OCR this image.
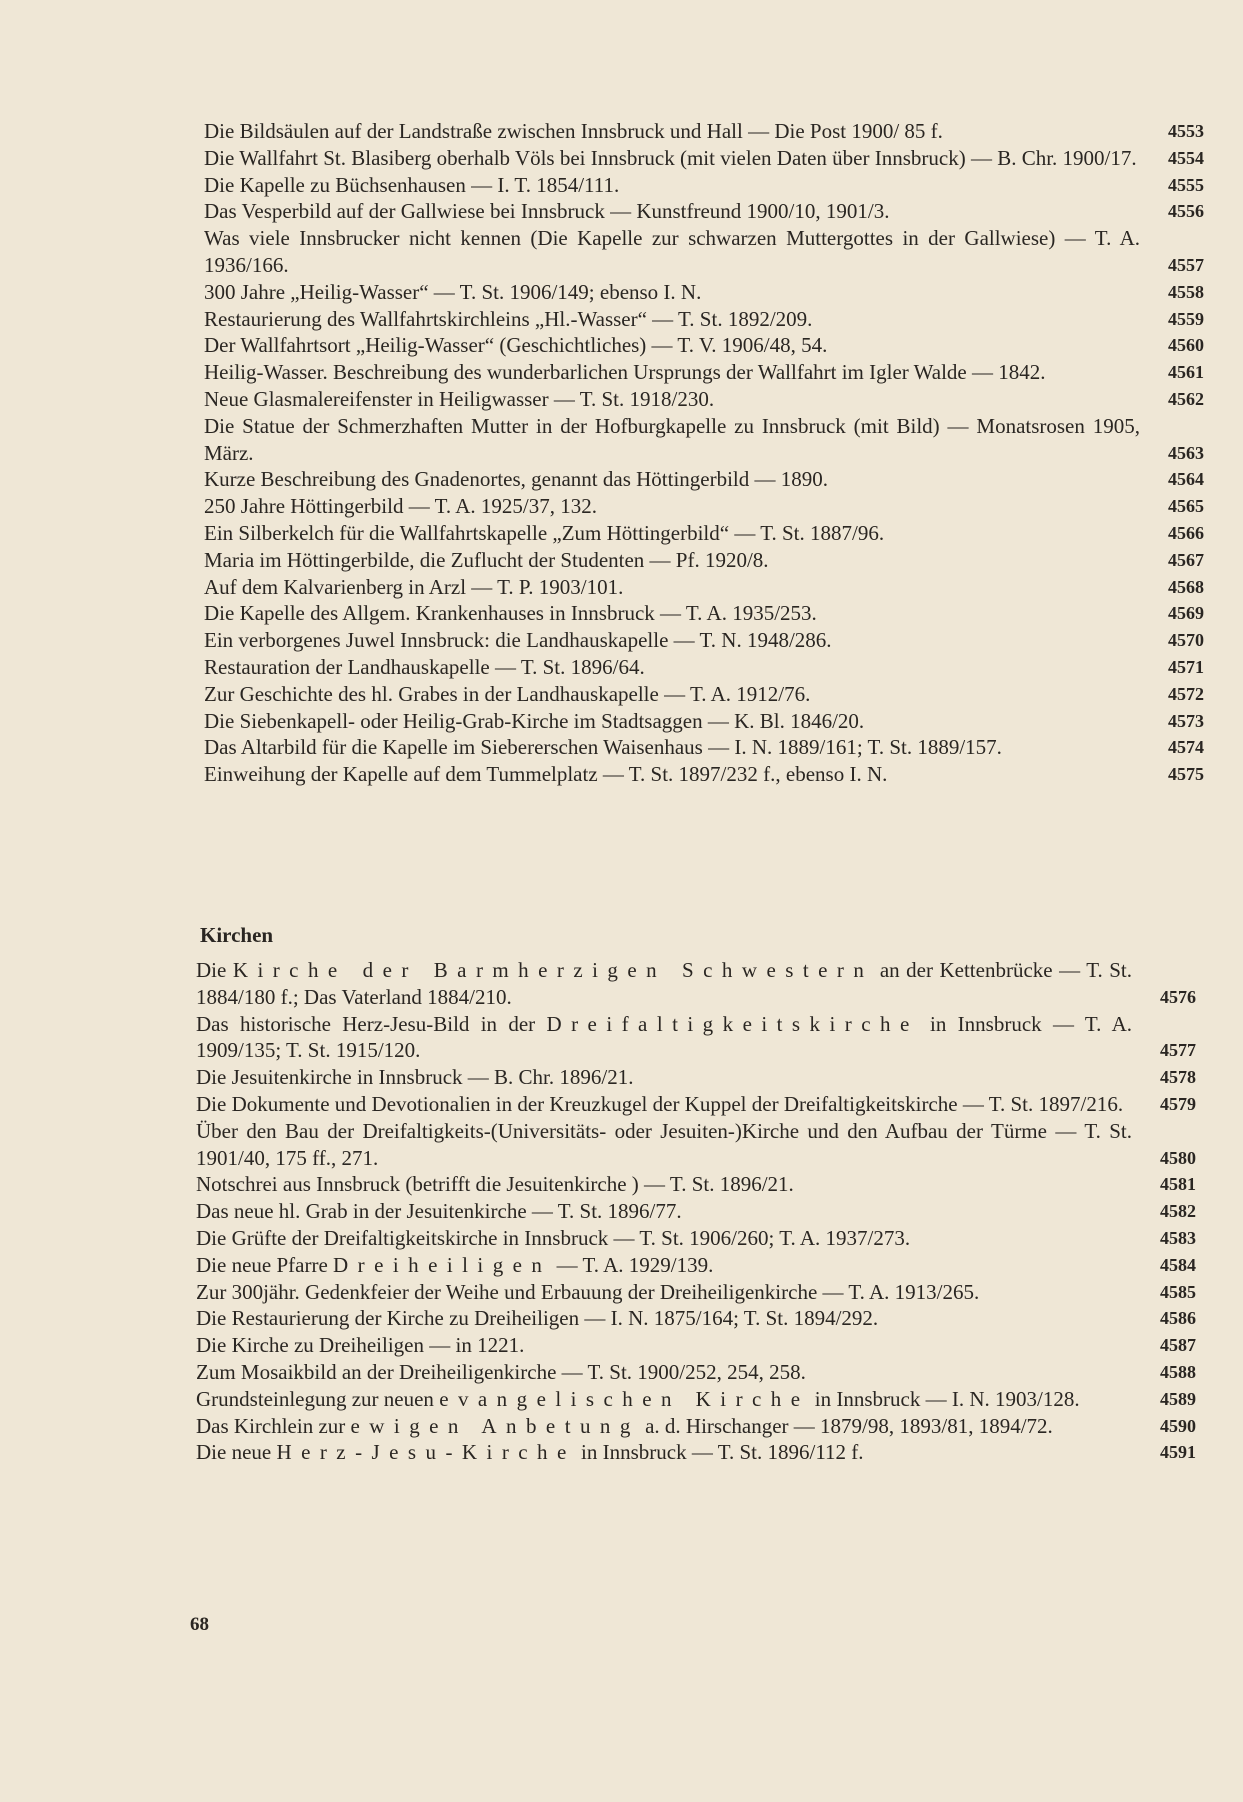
Die Bildsäulen auf der Landstraße zwischen Innsbruck und Hall — Die Post 1900/ 85 f.	4553
Die Wallfahrt St. Blasiberg oberhalb Völs bei Innsbruck (mit vielen Daten über Innsbruck) — B. Chr. 1900/17. 4554
Die Kapelle zu Büchsenhausen — I. T. 1854/111.	4555
Das Vesperbild auf der Gallwiese bei Innsbruck — Kunstfreund 1900/10, 1901/3.	4556
Was viele Innsbrucker nicht kennen (Die Kapelle zur schwarzen Muttergottes in der Gallwiese) — T. A. 1936/166.	4557
300 Jahre „Heilig-Wasser“ — T. St. 1906/149; ebenso I. N.	4558
Restaurierung des Wallfahrtskirchleins „Hl.-Wasser“ — T. St. 1892/209.	4559
Der Wallfahrtsort „Heilig-Wasser“ (Geschichtliches) — T. V. 1906/48, 54.	4560
Heilig-Wasser. Beschreibung des wunderbarlichen Ursprungs der Wallfahrt im Igler Walde — 1842.	4561
Neue Glasmalereifenster in Heiligwasser — T. St. 1918/230.	4562
Die Statue der Schmerzhaften Mutter in der Hofburgkapelle zu Innsbruck (mit Bild) — Monatsrosen 1905, März.	4563
Kurze Beschreibung des Gnadenortes, genannt das Höttingerbild — 1890.	4564
250 Jahre Höttingerbild — T. A. 1925/37, 132.	4565
Ein Silberkelch für die Wallfahrtskapelle „Zum Höttingerbild“ — T. St. 1887/96.	4566
Maria im Höttingerbilde, die Zuflucht der Studenten — Pf. 1920/8.	4567
Auf dem Kalvarienberg in Arzl — T. P. 1903/101.	4568
Die Kapelle des Allgem. Krankenhauses in Innsbruck — T. A. 1935/253.	4569
Ein verborgenes Juwel Innsbruck: die Landhauskapelle — T. N. 1948/286.	4570
Restauration der Landhauskapelle — T. St. 1896/64.	4571
Zur Geschichte des hl. Grabes in der Landhauskapelle — T. A. 1912/76.	4572
Die Siebenkapell- oder Heilig-Grab-Kirche im Stadtsaggen — K. Bl. 1846/20.	4573
Das Altarbild für die Kapelle im Siebererschen Waisenhaus — I. N. 1889/161; T. St. 1889/157.	4574
Einweihung der Kapelle auf dem Tummelplatz — T. St. 1897/232 f., ebenso I. N.	4575
Kirchen
Die Kirche der Barmherzigen Schwestern an der Kettenbrücke — T. St. 1884/180 f.; Das Vaterland 1884/210.	4576
Das historische Herz-Jesu-Bild in der Dreifaltigkeitskirche in Innsbruck — T. A. 1909/135; T. St. 1915/120.	4577
Die Jesuitenkirche in Innsbruck — B. Chr. 1896/21.	4578
Die Dokumente und Devotionalien in der Kreuzkugel der Kuppel der Dreifaltigkeitskirche — T. St. 1897/216.	4579
Über den Bau der Dreifaltigkeits-(Universitäts- oder Jesuiten-)Kirche und den Aufbau der Türme — T. St. 1901/40, 175 ff., 271.	4580
Notschrei aus Innsbruck (betrifft die Jesuitenkirche ) — T. St. 1896/21.	4581
Das neue hl. Grab in der Jesuitenkirche — T. St. 1896/77.	4582
Die Grüfte der Dreifaltigkeitskirche in Innsbruck — T. St. 1906/260; T. A. 1937/273.	4583
Die neue Pfarre Dreiheiligen — T. A. 1929/139.	4584
Zur 300jähr. Gedenkfeier der Weihe und Erbauung der Dreiheiligenkirche — T. A. 1913/265.	4585
Die Restaurierung der Kirche zu Dreiheiligen — I. N. 1875/164; T. St. 1894/292.	4586
Die Kirche zu Dreiheiligen — in 1221.	4587
Zum Mosaikbild an der Dreiheiligenkirche — T. St. 1900/252, 254, 258.	4588
Grundsteinlegung zur neuen evangelischen Kirche in Innsbruck — I. N. 1903/128.	4589
Das Kirchlein zur ewigen Anbetung a. d. Hirschanger — 1879/98, 1893/81, 1894/72.	4590
Die neue Herz-Jesu-Kirche in Innsbruck — T. St. 1896/112 f.	4591
68
